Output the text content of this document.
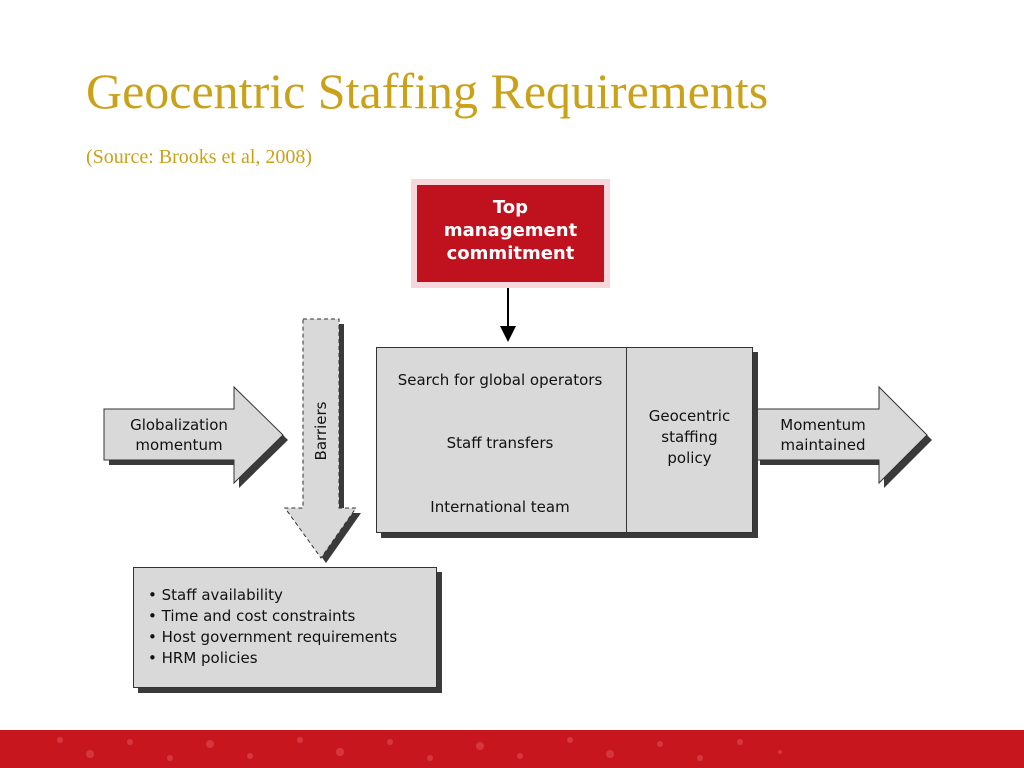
Geocentric Staffing Requirements
(Source: Brooks et al, 2008)
Top
management
commitment
Search for global operators
Staff transfers
International team
Geocentric
staffing
policy
Globalization
momentum	Barriers	Momentum
maintained
• Staff availability
• Time and cost constraints
• Host government requirements
• HRM policies
